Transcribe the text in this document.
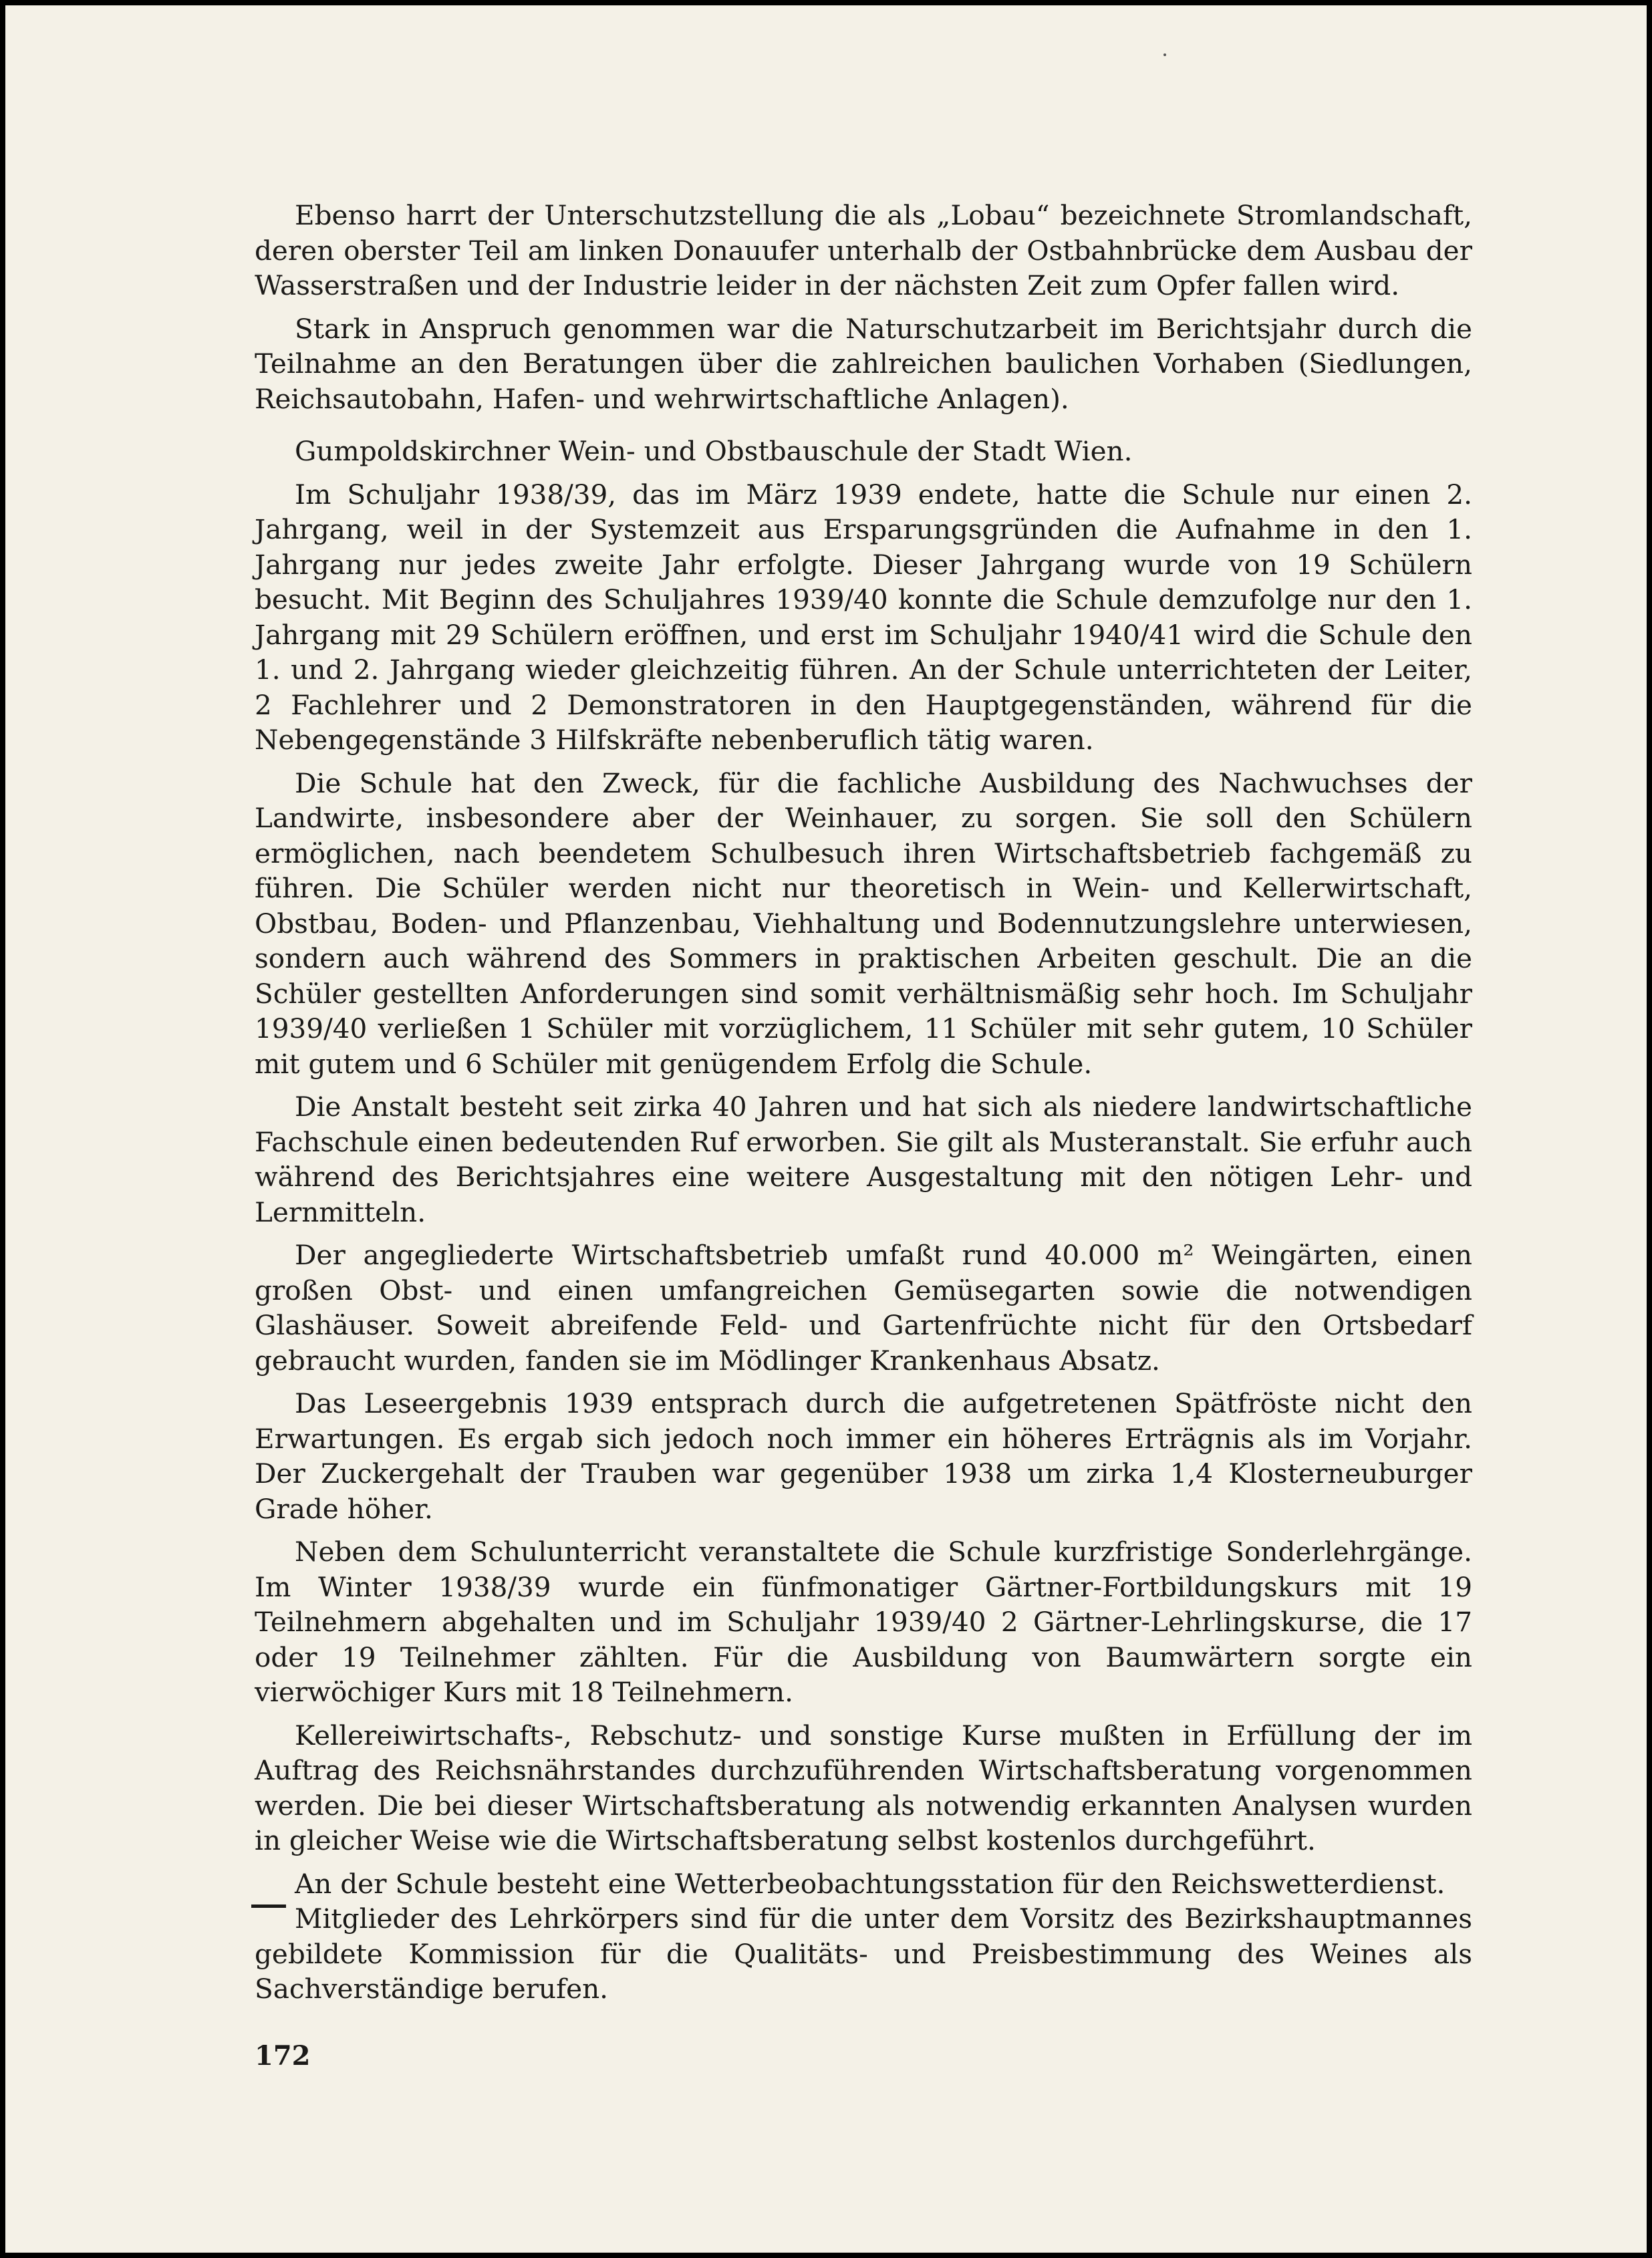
Ebenso harrt der Unterschutzstellung die als „Lobau“ bezeichnete Stromlandschaft, deren oberster Teil am linken Donauufer unterhalb der Ostbahnbrücke dem Ausbau der Wasserstraßen und der Industrie leider in der nächsten Zeit zum Opfer fallen wird.

Stark in Anspruch genommen war die Naturschutzarbeit im Berichtsjahr durch die Teilnahme an den Beratungen über die zahlreichen baulichen Vorhaben (Siedlungen, Reichsautobahn, Hafen- und wehrwirtschaftliche Anlagen).

Gumpoldskirchner Wein- und Obstbauschule der Stadt Wien.

Im Schuljahr 1938/39, das im März 1939 endete, hatte die Schule nur einen 2. Jahrgang, weil in der Systemzeit aus Ersparungsgründen die Aufnahme in den 1. Jahrgang nur jedes zweite Jahr erfolgte. Dieser Jahrgang wurde von 19 Schülern besucht. Mit Beginn des Schuljahres 1939/40 konnte die Schule demzufolge nur den 1. Jahrgang mit 29 Schülern eröffnen, und erst im Schuljahr 1940/41 wird die Schule den 1. und 2. Jahrgang wieder gleichzeitig führen. An der Schule unterrichteten der Leiter, 2 Fachlehrer und 2 Demonstratoren in den Hauptgegenständen, während für die Nebengegenstände 3 Hilfskräfte nebenberuflich tätig waren.

Die Schule hat den Zweck, für die fachliche Ausbildung des Nachwuchses der Landwirte, insbesondere aber der Weinhauer, zu sorgen. Sie soll den Schülern ermöglichen, nach beendetem Schulbesuch ihren Wirtschaftsbetrieb fachgemäß zu führen. Die Schüler werden nicht nur theoretisch in Wein- und Kellerwirtschaft, Obstbau, Boden- und Pflanzenbau, Viehhaltung und Bodennutzungslehre unterwiesen, sondern auch während des Sommers in praktischen Arbeiten geschult. Die an die Schüler gestellten Anforderungen sind somit verhältnismäßig sehr hoch. Im Schuljahr 1939/40 verließen 1 Schüler mit vorzüglichem, 11 Schüler mit sehr gutem, 10 Schüler mit gutem und 6 Schüler mit genügendem Erfolg die Schule.

Die Anstalt besteht seit zirka 40 Jahren und hat sich als niedere landwirtschaftliche Fachschule einen bedeutenden Ruf erworben. Sie gilt als Musteranstalt. Sie erfuhr auch während des Berichtsjahres eine weitere Ausgestaltung mit den nötigen Lehr- und Lernmitteln.

Der angegliederte Wirtschaftsbetrieb umfaßt rund 40.000 m² Weingärten, einen großen Obst- und einen umfangreichen Gemüsegarten sowie die notwendigen Glashäuser. Soweit abreifende Feld- und Gartenfrüchte nicht für den Ortsbedarf gebraucht wurden, fanden sie im Mödlinger Krankenhaus Absatz.

Das Leseergebnis 1939 entsprach durch die aufgetretenen Spätfröste nicht den Erwartungen. Es ergab sich jedoch noch immer ein höheres Erträgnis als im Vorjahr. Der Zuckergehalt der Trauben war gegenüber 1938 um zirka 1,4 Klosterneuburger Grade höher.

Neben dem Schulunterricht veranstaltete die Schule kurzfristige Sonderlehrgänge. Im Winter 1938/39 wurde ein fünfmonatiger Gärtner-Fortbildungskurs mit 19 Teilnehmern abgehalten und im Schuljahr 1939/40 2 Gärtner-Lehrlingskurse, die 17 oder 19 Teilnehmer zählten. Für die Ausbildung von Baumwärtern sorgte ein vierwöchiger Kurs mit 18 Teilnehmern.

Kellereiwirtschafts-, Rebschutz- und sonstige Kurse mußten in Erfüllung der im Auftrag des Reichsnährstandes durchzuführenden Wirtschaftsberatung vorgenommen werden. Die bei dieser Wirtschaftsberatung als notwendig erkannten Analysen wurden in gleicher Weise wie die Wirtschaftsberatung selbst kostenlos durchgeführt.

An der Schule besteht eine Wetterbeobachtungsstation für den Reichswetterdienst.

Mitglieder des Lehrkörpers sind für die unter dem Vorsitz des Bezirkshauptmannes gebildete Kommission für die Qualitäts- und Preisbestimmung des Weines als Sachverständige berufen.

172
